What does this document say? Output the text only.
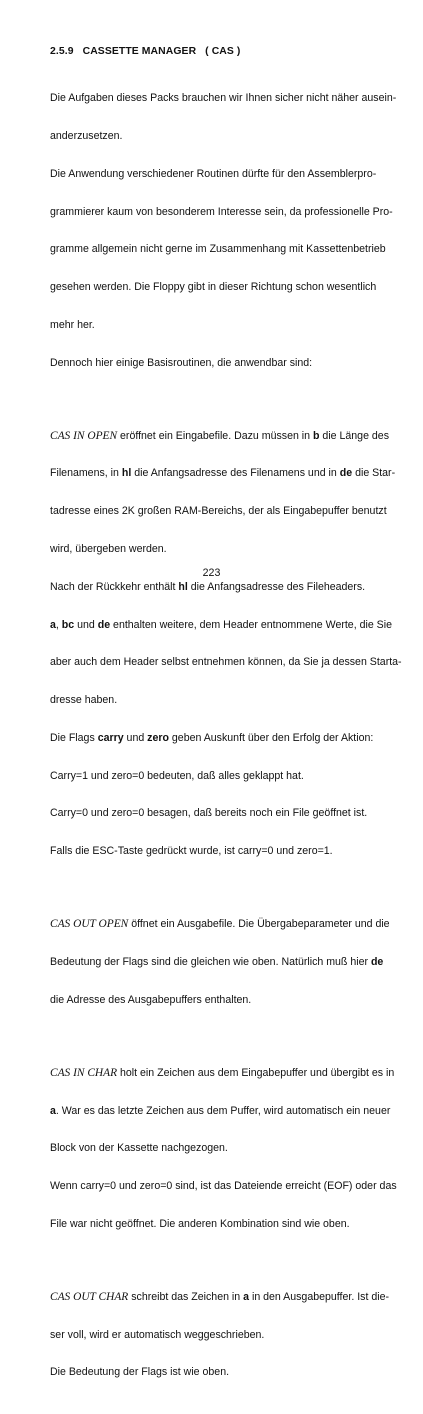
2.5.9 CASSETTE MANAGER ( CAS )

Die Aufgaben dieses Packs brauchen wir Ihnen sicher nicht näher ausein-

anderzusetzen.

Die Anwendung verschiedener Routinen dürfte für den Assemblerpro-

grammierer kaum von besonderem Interesse sein, da professionelle Pro-

gramme allgemein nicht gerne im Zusammenhang mit Kassettenbetrieb

gesehen werden. Die Floppy gibt in dieser Richtung schon wesentlich

mehr her.

Dennoch hier einige Basisroutinen, die anwendbar sind:

CAS IN OPEN eröffnet ein Eingabefile. Dazu müssen in b die Länge des

Filenamens, in hl die Anfangsadresse des Filenamens und in de die Star-

tadresse eines 2K großen RAM-Bereichs, der als Eingabepuffer benutzt

wird, übergeben werden.

Nach der Rückkehr enthält hl die Anfangsadresse des Fileheaders.

a, bc und de enthalten weitere, dem Header entnommene Werte, die Sie

aber auch dem Header selbst entnehmen können, da Sie ja dessen Starta-

dresse haben.

Die Flags carry und zero geben Auskunft über den Erfolg der Aktion:

Carry=1 und zero=0 bedeuten, daß alles geklappt hat.

Carry=0 und zero=0 besagen, daß bereits noch ein File geöffnet ist.

Falls die ESC-Taste gedrückt wurde, ist carry=0 und zero=1.

CAS OUT OPEN öffnet ein Ausgabefile. Die Übergabeparameter und die

Bedeutung der Flags sind die gleichen wie oben. Natürlich muß hier de

die Adresse des Ausgabepuffers enthalten.

CAS IN CHAR holt ein Zeichen aus dem Eingabepuffer und übergibt es in

a. War es das letzte Zeichen aus dem Puffer, wird automatisch ein neuer

Block von der Kassette nachgezogen.

Wenn carry=0 und zero=0 sind, ist das Dateiende erreicht (EOF) oder das

File war nicht geöffnet. Die anderen Kombination sind wie oben.

CAS OUT CHAR schreibt das Zeichen in a in den Ausgabepuffer. Ist die-

ser voll, wird er automatisch weggeschrieben.

Die Bedeutung der Flags ist wie oben.

223
